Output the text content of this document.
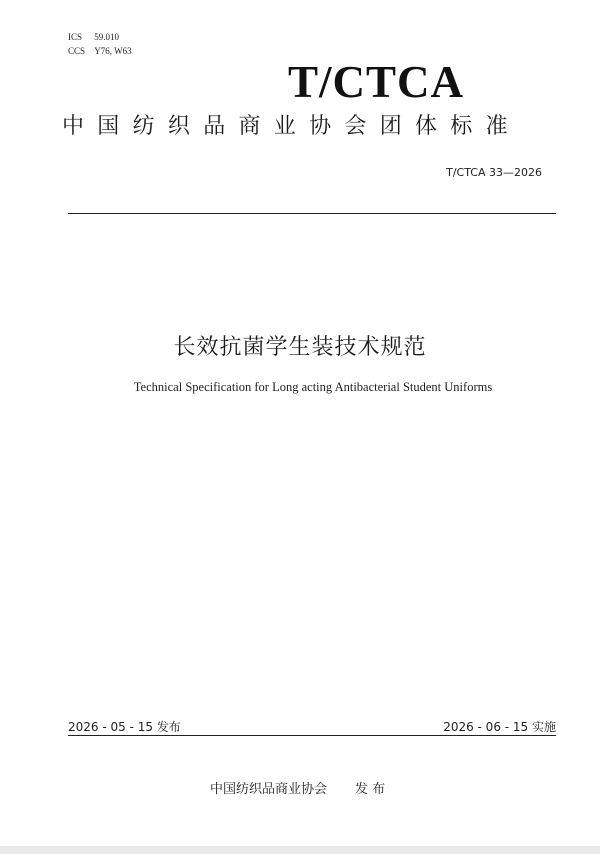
ICS 59.010
CCS Y76, W63
T/CTCA
中国纺织品商业协会团体标准
T/CTCA 33—2026
长效抗菌学生装技术规范
Technical Specification for Long acting Antibacterial Student Uniforms
2026 - 05 - 15 发布	2026 - 06 - 15 实施
中国纺织品商业协会 发 布
